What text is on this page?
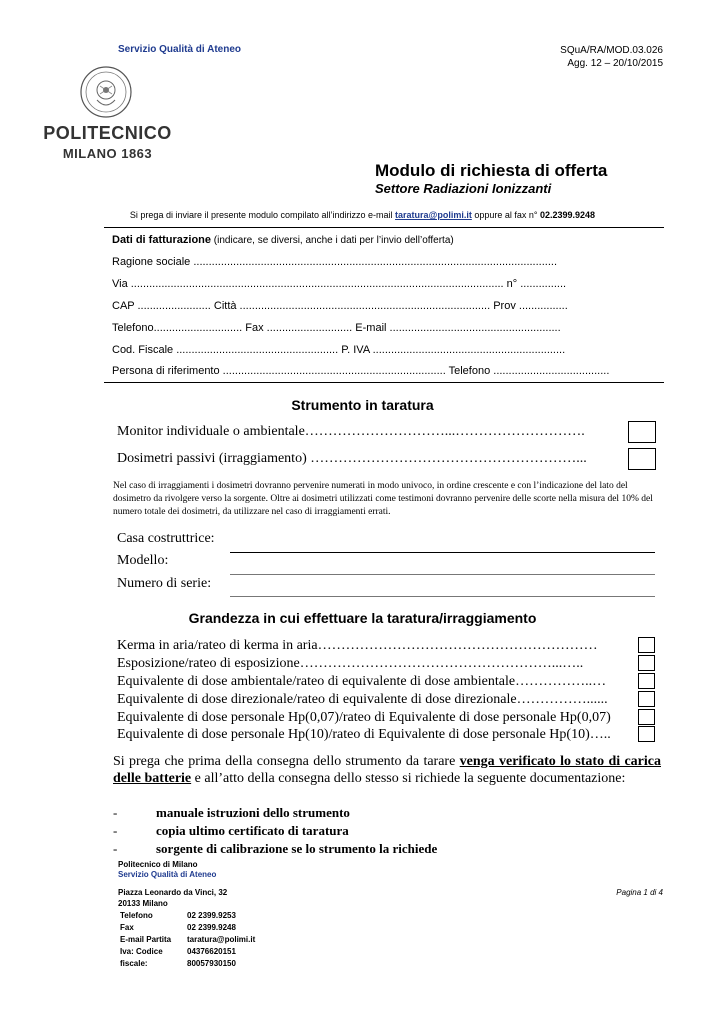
Servizio Qualità di Ateneo	SQuA/RA/MOD.03.026
Agg. 12 – 20/10/2015
POLITECNICO
MILANO 1863
Modulo di richiesta di offerta
Settore Radiazioni Ionizzanti
Si prega di inviare il presente modulo compilato all’indirizzo e-mail taratura@polimi.it oppure al fax n° 02.2399.9248
Dati di fatturazione (indicare, se diversi, anche i dati per l’invio dell’offerta)
Ragione sociale .......................................................................................................................
Via .......................................................................................................................... n° ...............
CAP ........................ Città .................................................................................. Prov ................
Telefono............................. Fax ............................ E-mail ........................................................
Cod. Fiscale ..................................................... P. IVA ...............................................................
Persona di riferimento ......................................................................... Telefono ......................................
Strumento in taratura
Monitor individuale o ambientale…………………………...……………………….
Dosimetri passivi (irraggiamento) …………………………………………………...
Nel caso di irraggiamenti i dosimetri dovranno pervenire numerati in modo univoco, in ordine crescente e con l’indicazione del lato del dosimetro da rivolgere verso la sorgente. Oltre ai dosimetri utilizzati come testimoni dovranno pervenire delle scorte nella misura del 10% del numero totale dei dosimetri, da utilizzare nel caso di irraggiamenti errati.
Casa costruttrice:
Modello:
Numero di serie:
Grandezza in cui effettuare la taratura/irraggiamento
Kerma in aria/rateo di kerma in aria……………………………………………………
Esposizione/rateo di esposizione………………………………………………...…..
Equivalente di dose ambientale/rateo di equivalente di dose ambientale……………..…
Equivalente di dose direzionale/rateo di equivalente di dose direzionale……………......
Equivalente di dose personale Hp(0,07)/rateo di Equivalente di dose personale Hp(0,07)
Equivalente di dose personale Hp(10)/rateo di Equivalente di dose personale Hp(10)…..
Si prega che prima della consegna dello strumento da tarare venga verificato lo stato di carica delle batterie e all’atto della consegna dello stesso si richiede la seguente documentazione:
-	manuale istruzioni dello strumento
-	copia ultimo certificato di taratura
-	sorgente di calibrazione se lo strumento la richiede
Politecnico di Milano
Servizio Qualità di Ateneo
Piazza Leonardo da Vinci, 32
20133 Milano
Telefono	02 2399.9253
Fax	02 2399.9248
E-mail Partita	taratura@polimi.it
Iva: Codice	04376620151
fiscale:	80057930150
Pagina 1 di 4
